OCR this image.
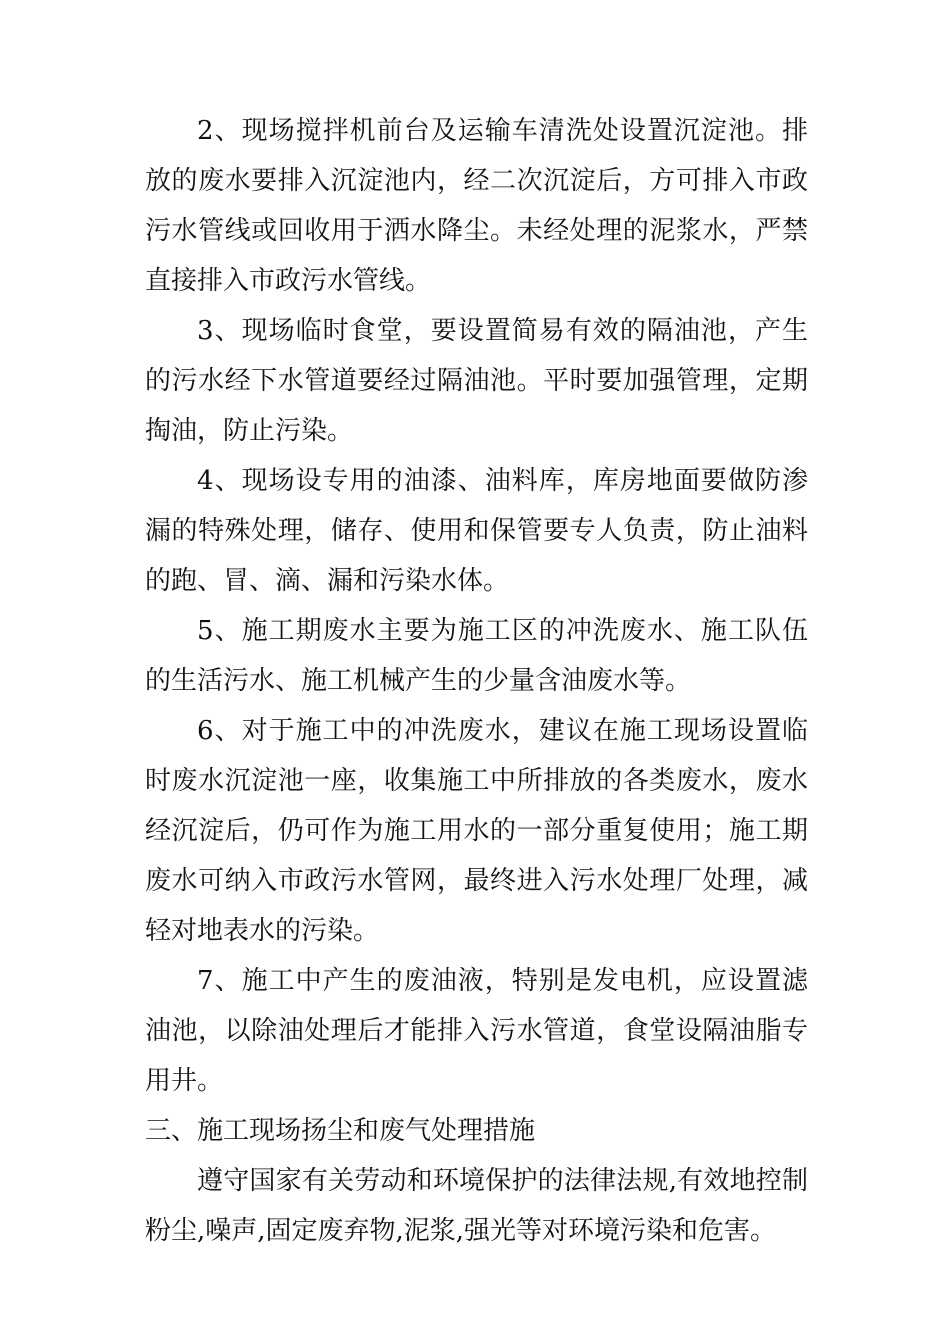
2、现场搅拌机前台及运输车清洗处设置沉淀池。排放的废水要排入沉淀池内，经二次沉淀后，方可排入市政污水管线或回收用于洒水降尘。未经处理的泥浆水，严禁直接排入市政污水管线。

3、现场临时食堂，要设置简易有效的隔油池，产生的污水经下水管道要经过隔油池。平时要加强管理，定期掏油，防止污染。

4、现场设专用的油漆、油料库，库房地面要做防渗漏的特殊处理，储存、使用和保管要专人负责，防止油料的跑、冒、滴、漏和污染水体。

5、施工期废水主要为施工区的冲洗废水、施工队伍的生活污水、施工机械产生的少量含油废水等。

6、对于施工中的冲洗废水，建议在施工现场设置临时废水沉淀池一座，收集施工中所排放的各类废水，废水经沉淀后，仍可作为施工用水的一部分重复使用；施工期废水可纳入市政污水管网，最终进入污水处理厂处理，减轻对地表水的污染。

7、施工中产生的废油液，特别是发电机，应设置滤油池，以除油处理后才能排入污水管道，食堂设隔油脂专用井。

三、施工现场扬尘和废气处理措施

遵守国家有关劳动和环境保护的法律法规,有效地控制粉尘,噪声,固定废弃物,泥浆,强光等对环境污染和危害。
